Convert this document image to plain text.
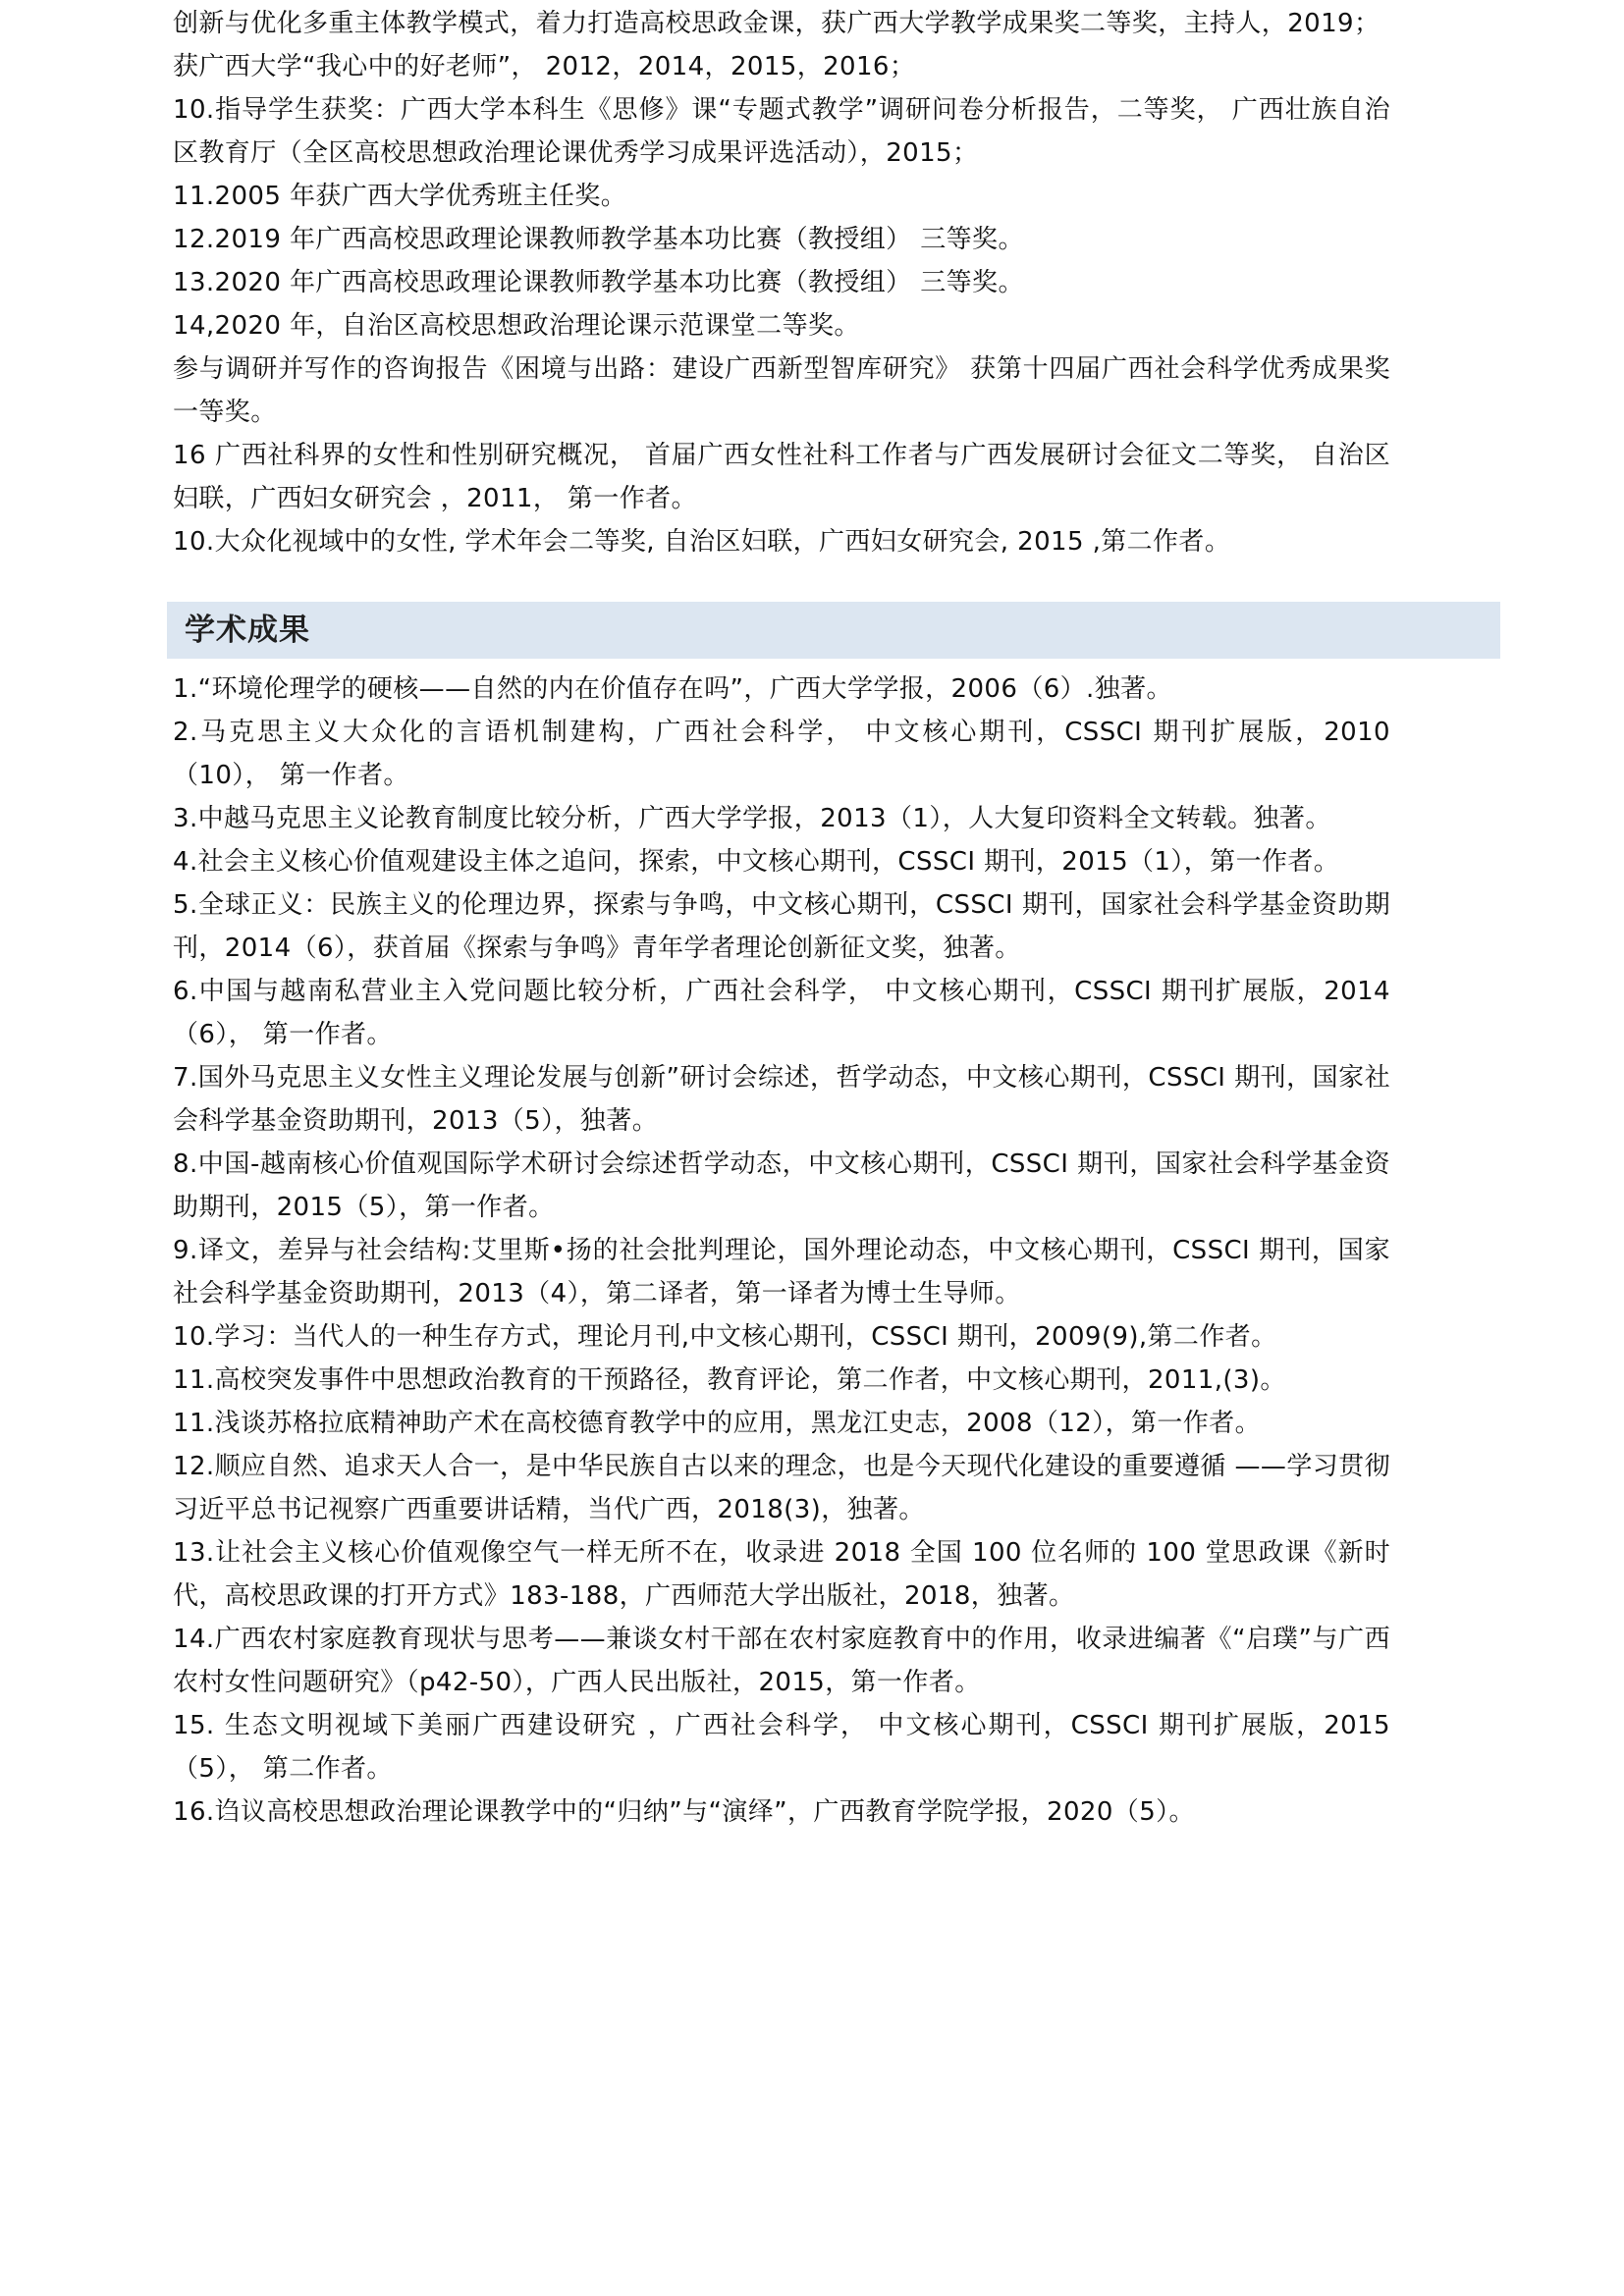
创新与优化多重主体教学模式，着力打造高校思政金课，获广西大学教学成果奖二等奖，主持人，2019；

获广西大学“我心中的好老师”， 2012，2014，2015，2016；

10.指导学生获奖：广西大学本科生《思修》课“专题式教学”调研问卷分析报告，二等奖， 广西壮族自治区教育厅（全区高校思想政治理论课优秀学习成果评选活动），2015；

11.2005 年获广西大学优秀班主任奖。

12.2019 年广西高校思政理论课教师教学基本功比赛（教授组） 三等奖。

13.2020 年广西高校思政理论课教师教学基本功比赛（教授组） 三等奖。

14,2020 年，自治区高校思想政治理论课示范课堂二等奖。

参与调研并写作的咨询报告《困境与出路：建设广西新型智库研究》 获第十四届广西社会科学优秀成果奖一等奖。

16 广西社科界的女性和性别研究概况， 首届广西女性社科工作者与广西发展研讨会征文二等奖， 自治区妇联，广西妇女研究会 ，2011， 第一作者。

10.大众化视域中的女性, 学术年会二等奖, 自治区妇联，广西妇女研究会, 2015 ,第二作者。

学术成果

1.“环境伦理学的硬核——自然的内在价值存在吗”，广西大学学报，2006（6）.独著。

2.马克思主义大众化的言语机制建构，广西社会科学， 中文核心期刊，CSSCI 期刊扩展版，2010（10）， 第一作者。

3.中越马克思主义论教育制度比较分析，广西大学学报，2013（1），人大复印资料全文转载。独著。

4.社会主义核心价值观建设主体之追问，探索，中文核心期刊，CSSCI 期刊，2015（1），第一作者。

5.全球正义：民族主义的伦理边界，探索与争鸣，中文核心期刊，CSSCI 期刊，国家社会科学基金资助期刊，2014（6），获首届《探索与争鸣》青年学者理论创新征文奖，独著。

6.中国与越南私营业主入党问题比较分析，广西社会科学， 中文核心期刊，CSSCI 期刊扩展版，2014（6）， 第一作者。

7.国外马克思主义女性主义理论发展与创新”研讨会综述，哲学动态，中文核心期刊，CSSCI 期刊，国家社会科学基金资助期刊，2013（5），独著。

8.中国-越南核心价值观国际学术研讨会综述哲学动态，中文核心期刊，CSSCI 期刊，国家社会科学基金资助期刊，2015（5），第一作者。

9.译文，差异与社会结构:艾里斯•扬的社会批判理论，国外理论动态，中文核心期刊，CSSCI 期刊，国家社会科学基金资助期刊，2013（4），第二译者，第一译者为博士生导师。

10.学习：当代人的一种生存方式，理论月刊,中文核心期刊，CSSCI 期刊，2009(9),第二作者。

11.高校突发事件中思想政治教育的干预路径，教育评论，第二作者，中文核心期刊，2011,(3)。

11.浅谈苏格拉底精神助产术在高校德育教学中的应用，黑龙江史志，2008（12），第一作者。

12.顺应自然、追求天人合一，是中华民族自古以来的理念，也是今天现代化建设的重要遵循 ——学习贯彻习近平总书记视察广西重要讲话精，当代广西，2018(3)，独著。

13.让社会主义核心价值观像空气一样无所不在，收录进 2018 全国 100 位名师的 100 堂思政课《新时代，高校思政课的打开方式》183-188，广西师范大学出版社，2018，独著。

14.广西农村家庭教育现状与思考——兼谈女村干部在农村家庭教育中的作用，收录进编著《“启璞”与广西农村女性问题研究》（p42-50），广西人民出版社，2015，第一作者。

15. 生态文明视域下美丽广西建设研究 ，广西社会科学， 中文核心期刊，CSSCI 期刊扩展版，2015（5）， 第二作者。

16.诌议高校思想政治理论课教学中的“归纳”与“演绎”，广西教育学院学报，2020（5）。
